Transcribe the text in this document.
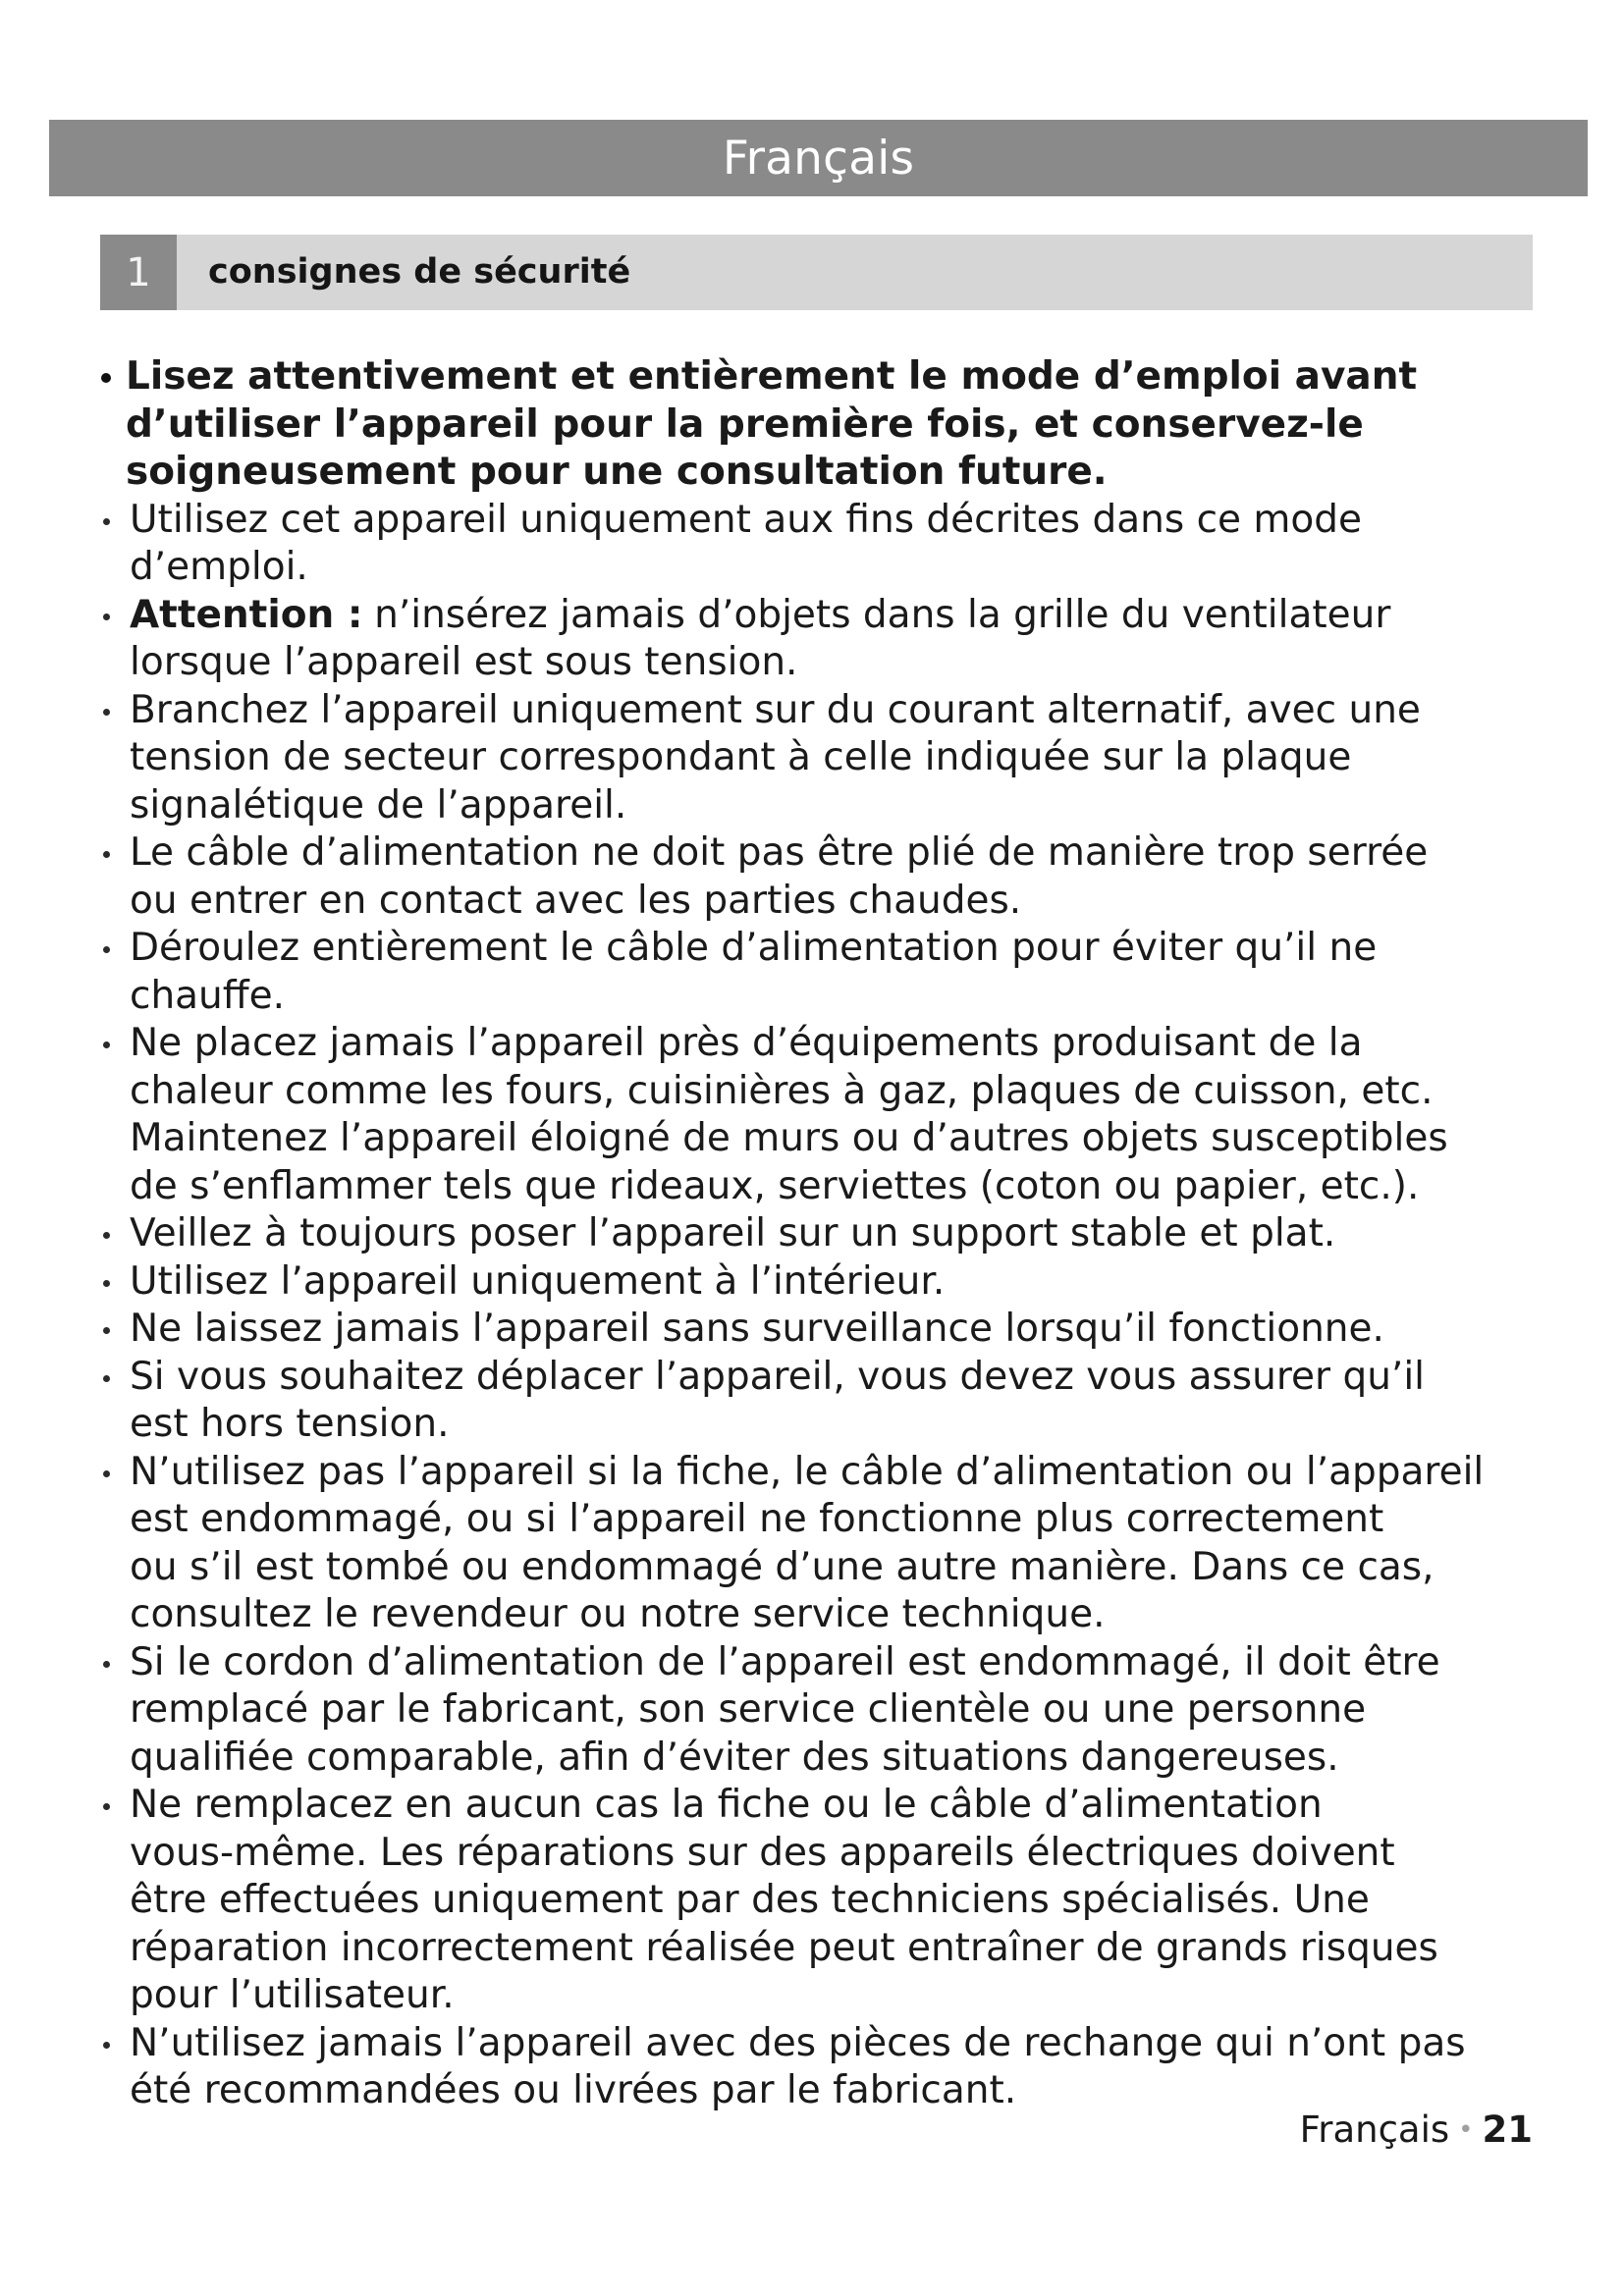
Français
1	consignes de sécurité
Lisez attentivement et entièrement le mode d’emploi avant
d’utiliser l’appareil pour la première fois, et conservez-le
soigneusement pour une consultation future.
Utilisez cet appareil uniquement aux fins décrites dans ce mode
d’emploi.
Attention : n’insérez jamais d’objets dans la grille du ventilateur
lorsque l’appareil est sous tension.
Branchez l’appareil uniquement sur du courant alternatif, avec une
tension de secteur correspondant à celle indiquée sur la plaque
signalétique de l’appareil.
Le câble d’alimentation ne doit pas être plié de manière trop serrée
ou entrer en contact avec les parties chaudes.
Déroulez entièrement le câble d’alimentation pour éviter qu’il ne
chauffe.
Ne placez jamais l’appareil près d’équipements produisant de la
chaleur comme les fours, cuisinières à gaz, plaques de cuisson, etc.
Maintenez l’appareil éloigné de murs ou d’autres objets susceptibles
de s’enflammer tels que rideaux, serviettes (coton ou papier, etc.).
Veillez à toujours poser l’appareil sur un support stable et plat.
Utilisez l’appareil uniquement à l’intérieur.
Ne laissez jamais l’appareil sans surveillance lorsqu’il fonctionne.
Si vous souhaitez déplacer l’appareil, vous devez vous assurer qu’il
est hors tension.
N’utilisez pas l’appareil si la fiche, le câble d’alimentation ou l’appareil
est endommagé, ou si l’appareil ne fonctionne plus correctement
ou s’il est tombé ou endommagé d’une autre manière. Dans ce cas,
consultez le revendeur ou notre service technique.
Si le cordon d’alimentation de l’appareil est endommagé, il doit être
remplacé par le fabricant, son service clientèle ou une personne
qualifiée comparable, afin d’éviter des situations dangereuses.
Ne remplacez en aucun cas la fiche ou le câble d’alimentation
vous-même. Les réparations sur des appareils électriques doivent
être effectuées uniquement par des techniciens spécialisés. Une
réparation incorrectement réalisée peut entraîner de grands risques
pour l’utilisateur.
N’utilisez jamais l’appareil avec des pièces de rechange qui n’ont pas
été recommandées ou livrées par le fabricant.
Français • 21
